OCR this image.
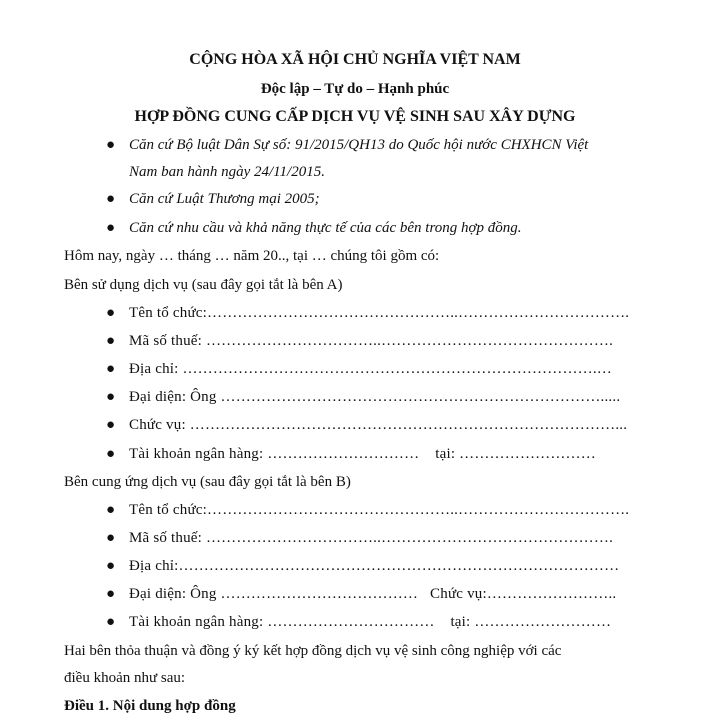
CỘNG HÒA XÃ HỘI CHỦ NGHĨA VIỆT NAM
Độc lập – Tự do – Hạnh phúc
HỢP ĐỒNG CUNG CẤP DỊCH VỤ VỆ SINH SAU XÂY DỰNG
● Căn cứ Bộ luật Dân Sự số: 91/2015/QH13 do Quốc hội nước CHXHCN Việt
Nam ban hành ngày 24/11/2015.
● Căn cứ Luật Thương mại 2005;
● Căn cứ nhu cầu và khả năng thực tế của các bên trong hợp đồng.
Hôm nay, ngày … tháng … năm 20.., tại … chúng tôi gồm có:
Bên sử dụng dịch vụ (sau đây gọi tắt là bên A)
● Tên tổ chức:…………………………………………..…………………………….
● Mã số thuế: ……………………………..……………………………………….
● Địa chỉ: ……………………………………………………………………….…
● Đại diện: Ông ………………………………………………………………….....
● Chức vụ: …………………………………………………………………………...
● Tài khoản ngân hàng: ………………………… tại: ………………………
Bên cung ứng dịch vụ (sau đây gọi tắt là bên B)
● Tên tổ chức:…………………………………………..…………………………….
● Mã số thuế: ……………………………..……………………………………….
● Địa chỉ:……………………………………………………………………………
● Đại diện: Ông ………………………………… Chức vụ:……………………..
● Tài khoản ngân hàng: …………………………… tại: ………………………
Hai bên thỏa thuận và đồng ý ký kết hợp đồng dịch vụ vệ sinh công nghiệp với các
điều khoản như sau:
Điều 1. Nội dung hợp đồng
